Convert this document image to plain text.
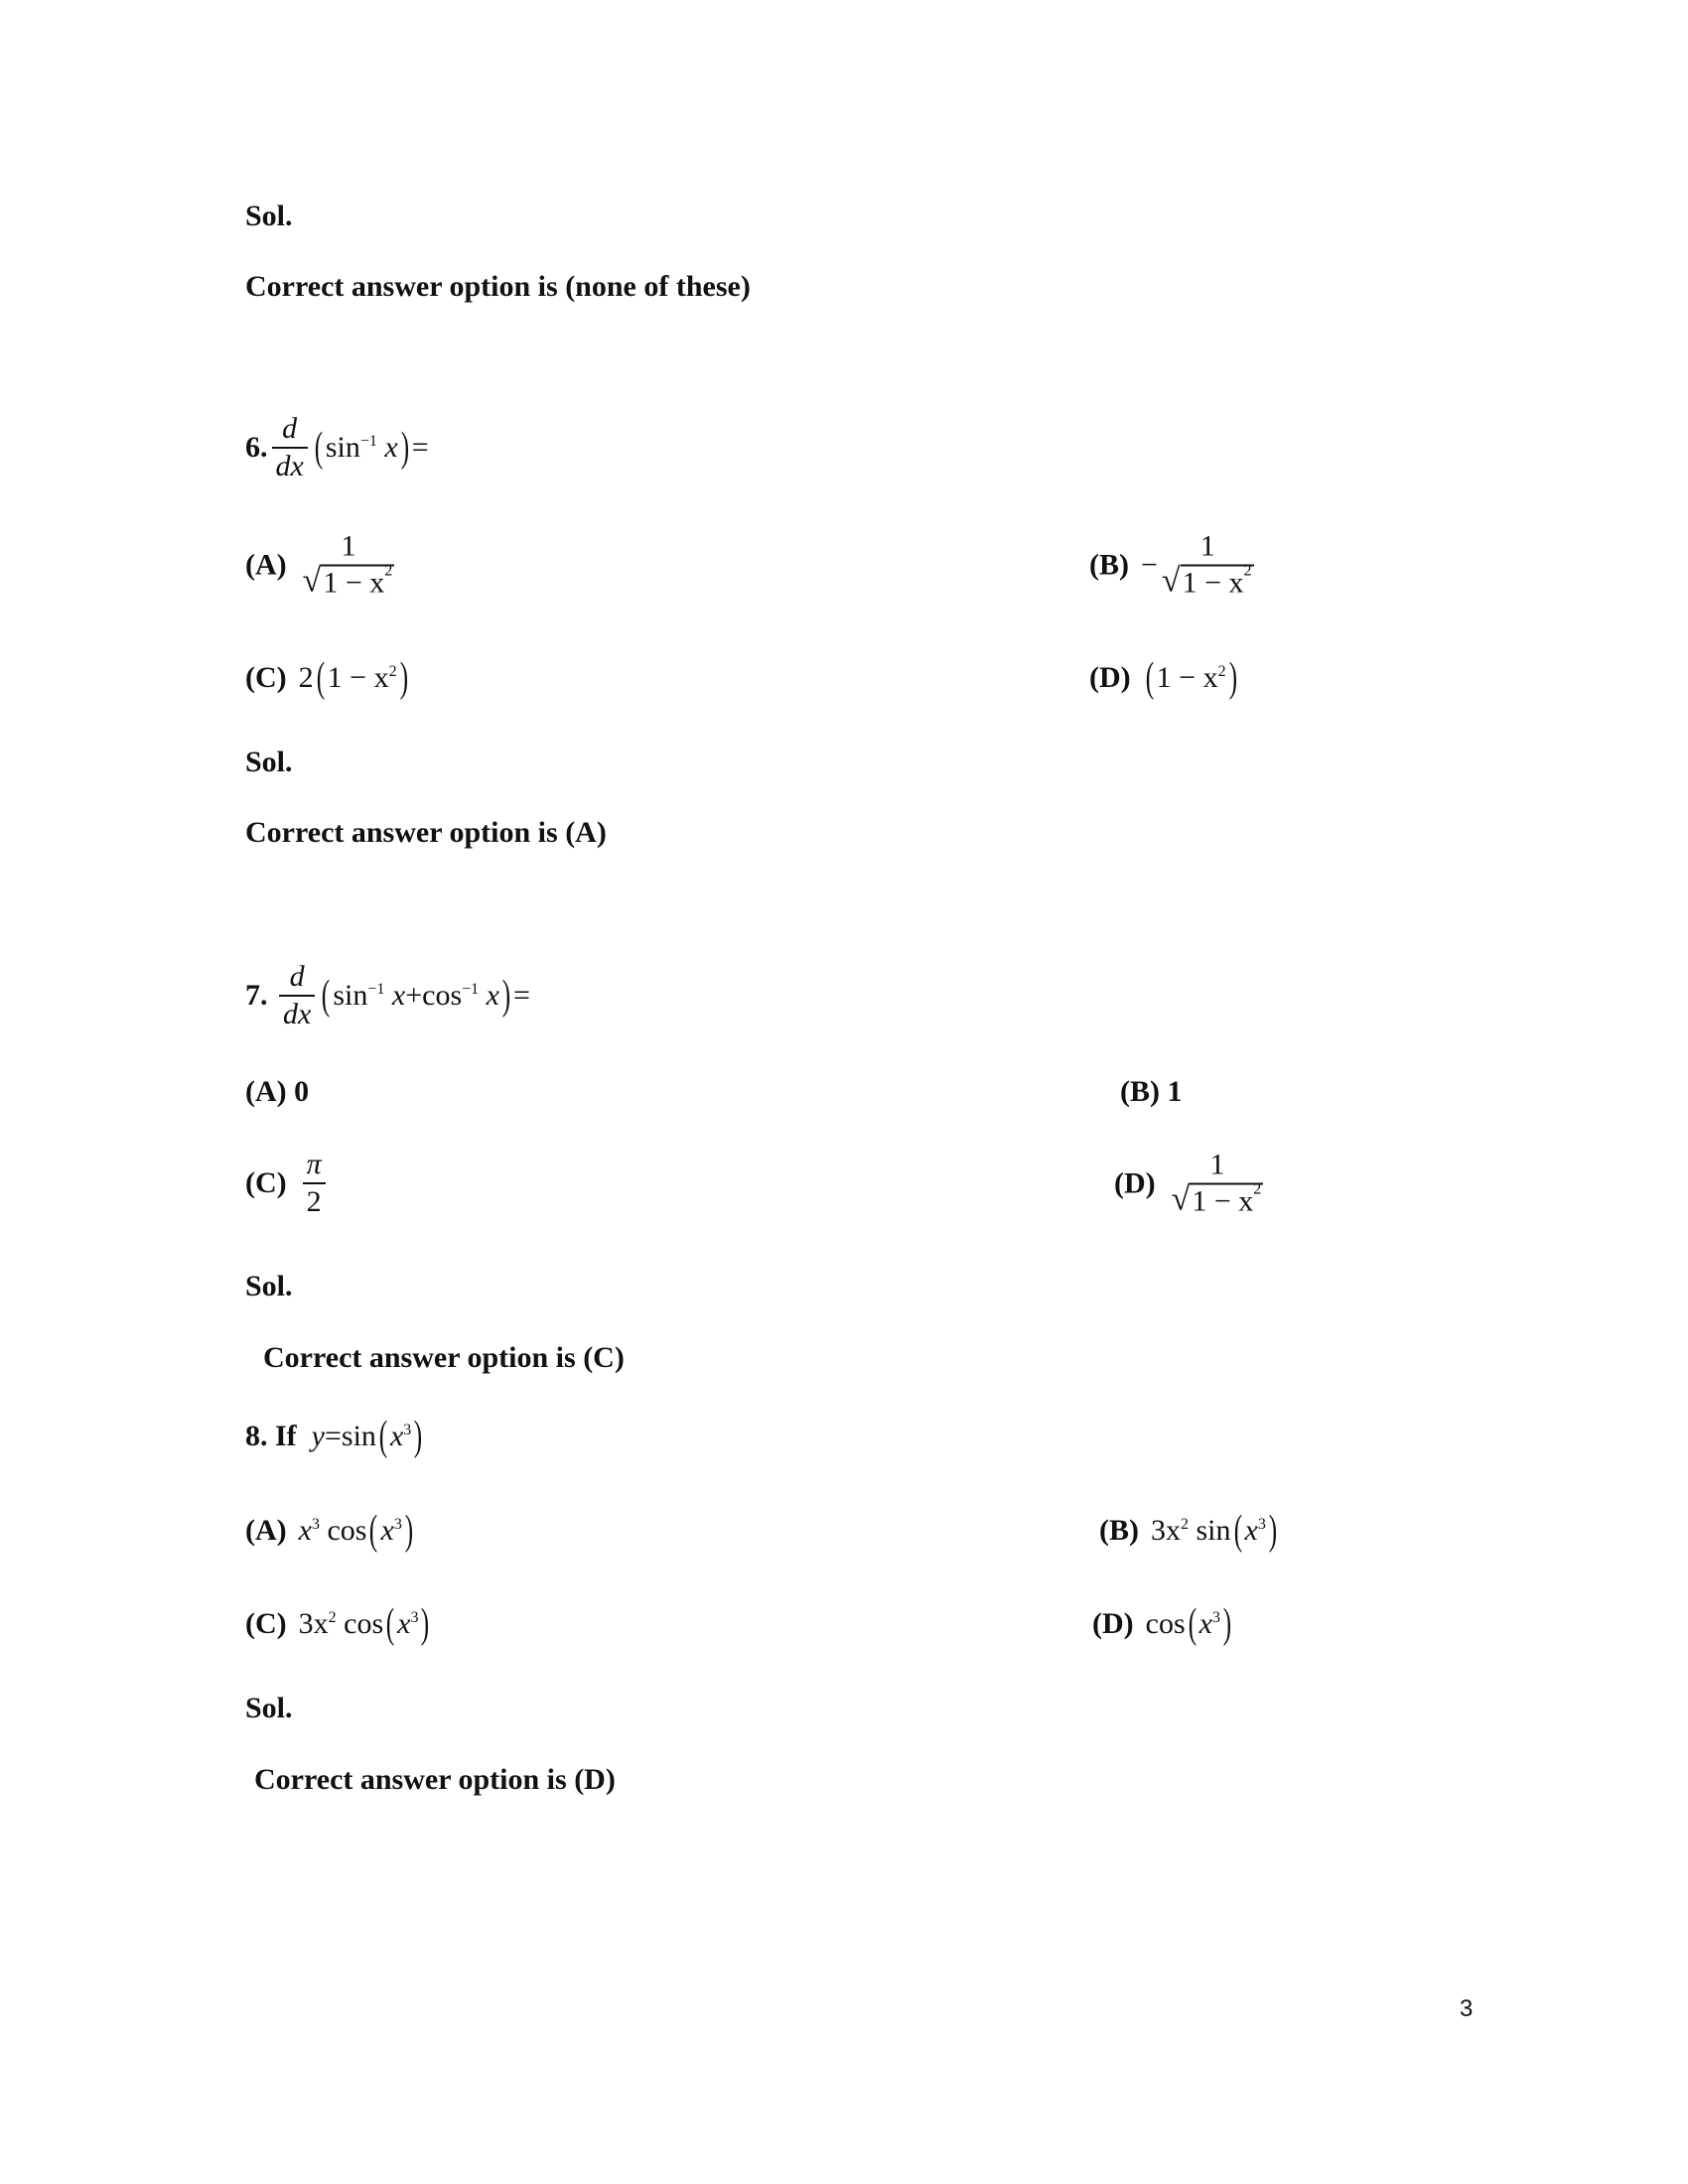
Sol.
Correct answer option is (none of these)
6. $\frac{d}{dx}$ ( sin −1
x ) =
(A)
1
√ $1 - x^2$	(B) −
1
√ $1 - x^2$
(C) 2 ( 1 − x 2 )	(D) ( 1 − x 2 )
Sol.
Correct answer option is (A)
7.
$\frac{d}{dx}$ ( sin −1
x + cos −1
x ) =
(A)
0	(B)
1
$(C) \frac{\pi}{2}$	(D)
1
√ $1 - x^2$
Sol.
Correct answer option is (C)
8. If
y = sin ( x 3 )
(A) x 3
cos ( x 3 )	(B) 3x 2
sin ( x 3 )
(C) 3x 2
cos ( x 3 )	(D) cos ( x 3 )
Sol.
Correct answer option is (D)
3
